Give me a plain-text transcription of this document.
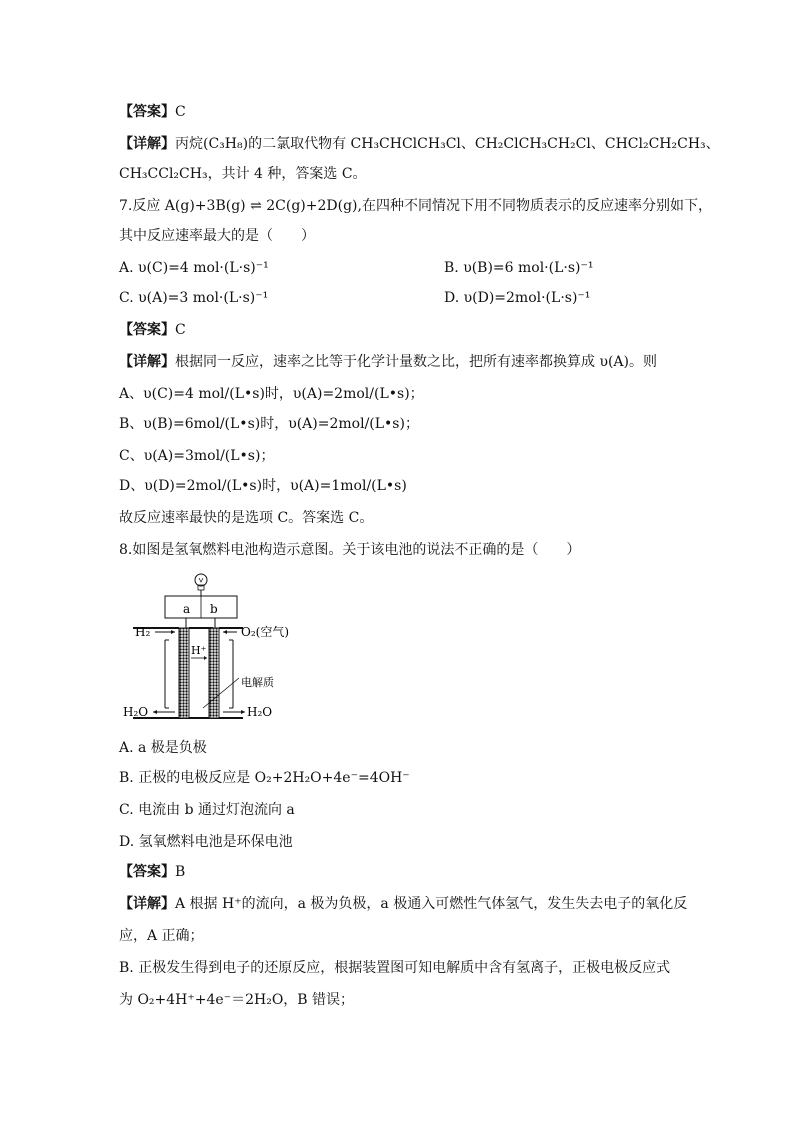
【答案】C
【详解】丙烷(C₃H₈)的二氯取代物有 CH₃CHClCH₃Cl、CH₂ClCH₃CH₂Cl、CHCl₂CH₂CH₃、
CH₃CCl₂CH₃，共计 4 种，答案选 C。
7.反应 A(g)+3B(g) ⇌ 2C(g)+2D(g),在四种不同情况下用不同物质表示的反应速率分别如下，
其中反应速率最大的是（　　）
A. υ(C)=4 mol·(L·s)⁻¹	B. υ(B)=6 mol·(L·s)⁻¹
C. υ(A)=3 mol·(L·s)⁻¹	D. υ(D)=2mol·(L·s)⁻¹
【答案】C
【详解】根据同一反应，速率之比等于化学计量数之比，把所有速率都换算成 υ(A)。则
A、υ(C)=4 mol/(L•s)时，υ(A)=2mol/(L•s)；
B、υ(B)=6mol/(L•s)时，υ(A)=2mol/(L•s)；
C、υ(A)=3mol/(L•s)；
D、υ(D)=2mol/(L•s)时，υ(A)=1mol/(L•s)
故反应速率最快的是选项 C。答案选 C。
8.如图是氢氧燃料电池构造示意图。关于该电池的说法不正确的是（　　）
a b
H₂	O₂(空气)
H⁺
电解质
H₂O	H₂O
A. a 极是负极
B. 正极的电极反应是 O₂+2H₂O+4e⁻=4OH⁻
C. 电流由 b 通过灯泡流向 a
D. 氢氧燃料电池是环保电池
【答案】B
【详解】A 根据 H⁺的流向，a 极为负极，a 极通入可燃性气体氢气，发生失去电子的氧化反
应，A 正确；
B. 正极发生得到电子的还原反应，根据装置图可知电解质中含有氢离子，正极电极反应式
为 O₂+4H⁺+4e⁻＝2H₂O，B 错误；
